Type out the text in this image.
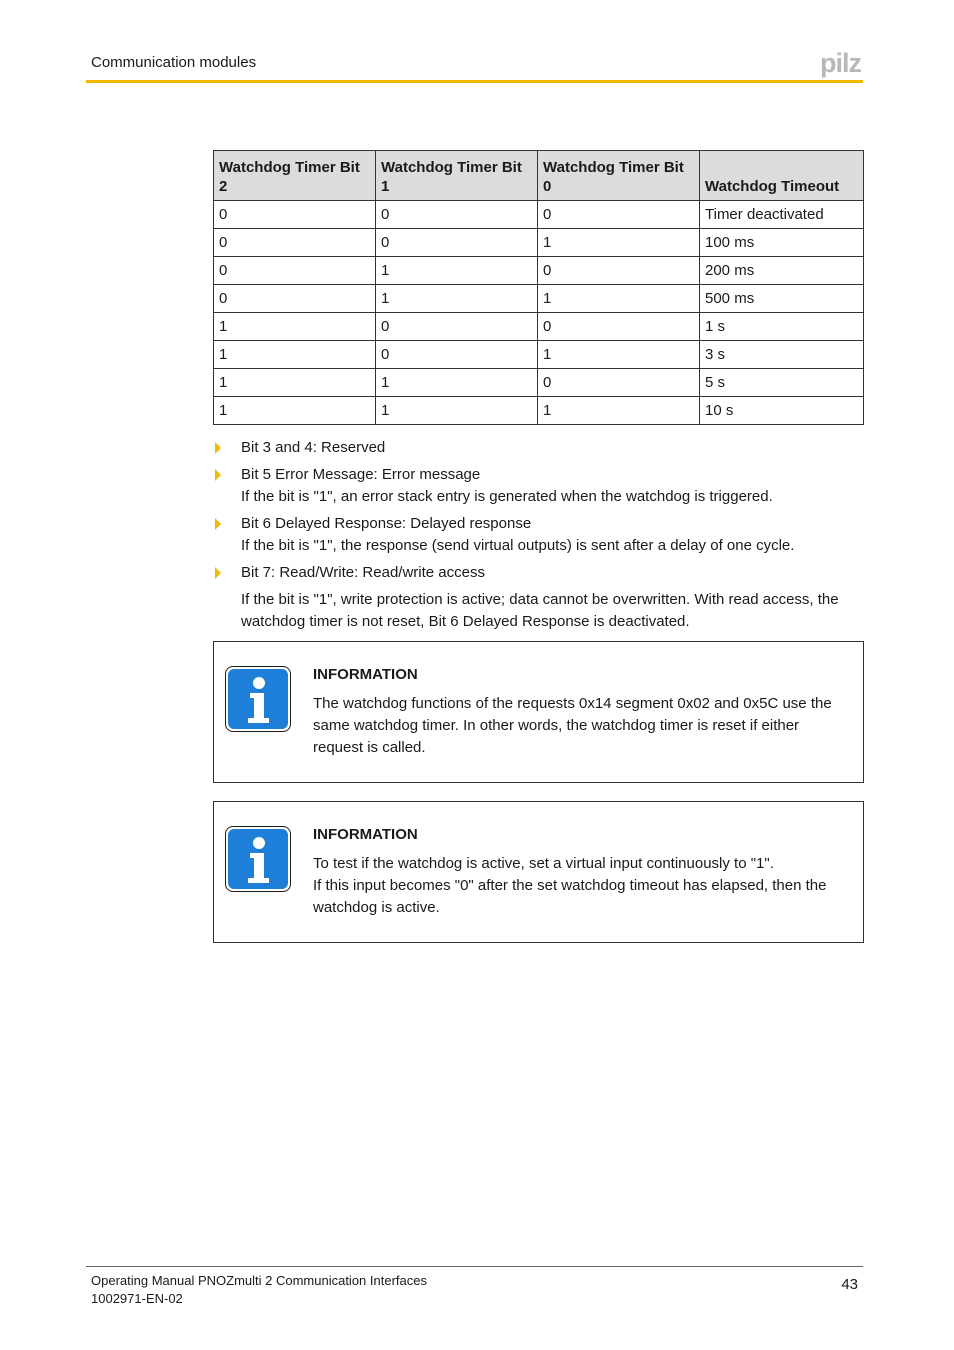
Communication modules	pilz
Watchdog Timer Bit 2	Watchdog Timer Bit 1	Watchdog Timer Bit 0	Watchdog Timeout
0	0	0	Timer deactivated
0	0	1	100 ms
0	1	0	200 ms
0	1	1	500 ms
1	0	0	1 s
1	0	1	3 s
1	1	0	5 s
1	1	1	10 s
Bit 3 and 4: Reserved
Bit 5 Error Message: Error message
If the bit is "1", an error stack entry is generated when the watchdog is triggered.
Bit 6 Delayed Response: Delayed response
If the bit is "1", the response (send virtual outputs) is sent after a delay of one cycle.
Bit 7: Read/Write: Read/write access
If the bit is "1", write protection is active; data cannot be overwritten. With read access, the watchdog timer is not reset, Bit 6 Delayed Response is deactivated.
INFORMATION
The watchdog functions of the requests 0x14 segment 0x02 and 0x5C use the same watchdog timer. In other words, the watchdog timer is reset if either request is called.
INFORMATION
To test if the watchdog is active, set a virtual input continuously to "1".
If this input becomes "0" after the set watchdog timeout has elapsed, then the watchdog is active.
Operating Manual PNOZmulti 2 Communication Interfaces
1002971-EN-02
43
